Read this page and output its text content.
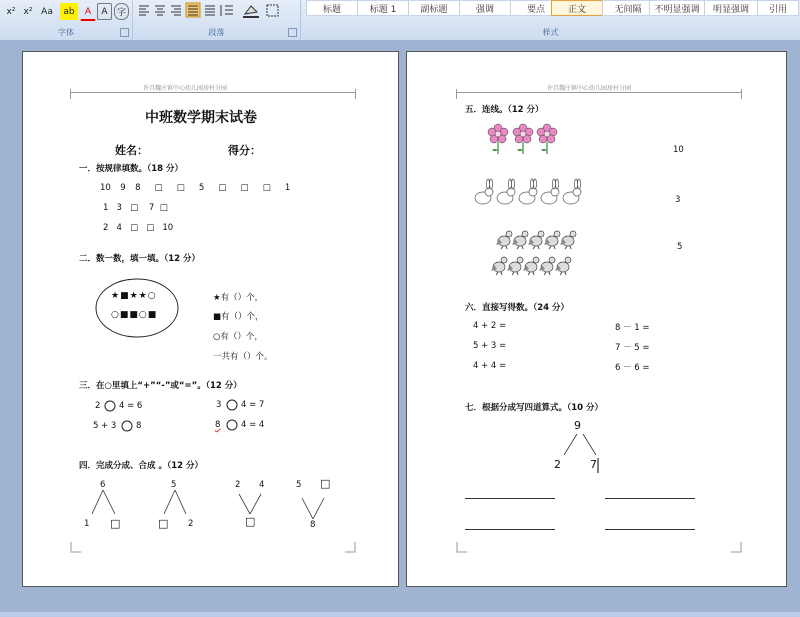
x² x² Aa ab A A 字
字体	段落
标题	标题 1	副标题	强调	要点	正文	无间隔 不明显强调 明显强调 引用
样式
许昌魏庄镇中心幼儿园房村分园
中班数学期末试卷
姓名：	得分：
一．按规律填数。（18 分）
10 9 8 □ □ 5 □ □ □ 1
1 3 □ 7 □
2 4 □ □ 10
二．数一数，填一填。（12 分）
★■★★○
○■■○■
★有（）个，
■有（）个，
○有（）个，
一共有（）个。
三．在○里填上“+”“-”或“=”。（12 分）
2 4 = 6	3 4 = 7
5 + 3 8	8 4 = 4
四．完成分成、合成 。（12 分）
6
1 □
5
□ 2
2 4
□
5 □
8
许昌魏庄镇中心幼儿园房村分园
五．连线。（12 分）
10
3
5
六．直接写得数。（24 分）
4 + 2 =	8 － 1 =
5 + 3 =	7 － 5 =
4 + 4 =	6 － 6 =
七．根据分成写四道算式。（10 分）
9
2	7
